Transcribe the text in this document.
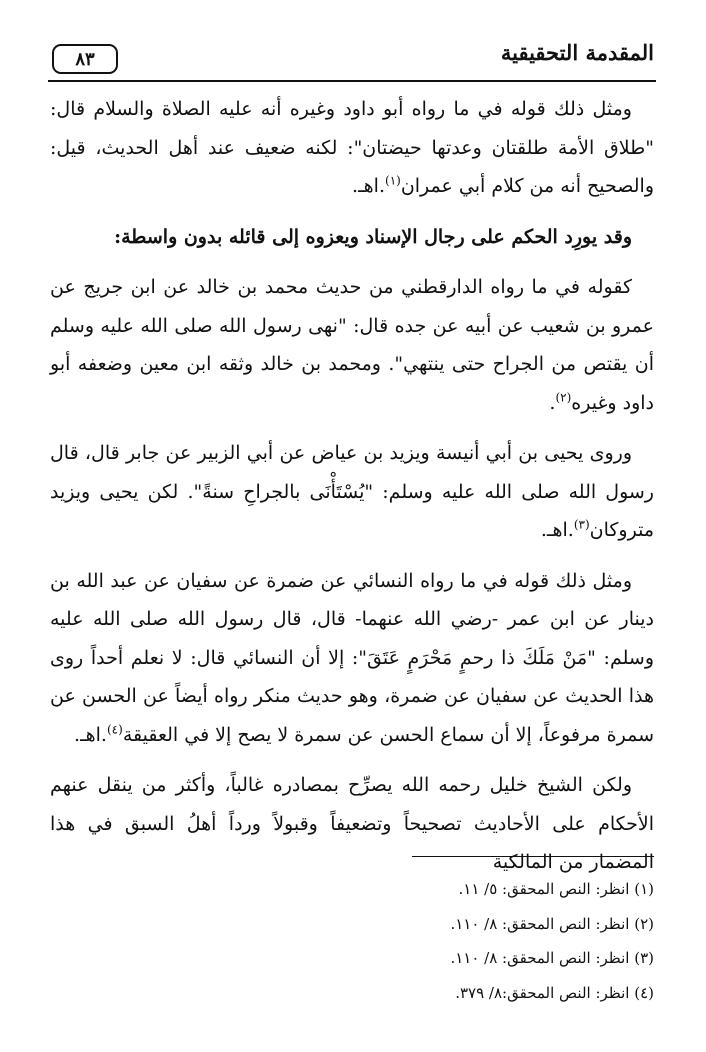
المقدمة التحقيقية
٨٣

ومثل ذلك قوله في ما رواه أبو داود وغيره أنه عليه الصلاة والسلام قال: "طلاق الأمة طلقتان وعدتها حيضتان": لكنه ضعيف عند أهل الحديث، قيل: والصحيح أنه من كلام أبي عمران$^{(١)}$.اهـ.

وقد يورِد الحكم على رجال الإسناد ويعزوه إلى قائله بدون واسطة:

كقوله في ما رواه الدارقطني من حديث محمد بن خالد عن ابن جريج عن عمرو بن شعيب عن أبيه عن جده قال: "نهى رسول الله صلى الله عليه وسلم أن يقتص من الجراح حتى ينتهي". ومحمد بن خالد وثقه ابن معين وضعفه أبو داود وغيره$^{(٢)}$.

وروى يحيى بن أبي أنيسة ويزيد بن عياض عن أبي الزبير عن جابر قال، قال رسول الله صلى الله عليه وسلم: "يُسْتَأْنَى بالجراحِ سنةً". لكن يحيى ويزيد متروكان$^{(٣)}$.اهـ.

ومثل ذلك قوله في ما رواه النسائي عن ضمرة عن سفيان عن عبد الله بن دينار عن ابن عمر -رضي الله عنهما- قال، قال رسول الله صلى الله عليه وسلم: "مَنْ مَلَكَ ذا رحمٍ مَحْرَمٍ عَتَقَ": إلا أن النسائي قال: لا نعلم أحداً روى هذا الحديث عن سفيان عن ضمرة، وهو حديث منكر رواه أيضاً عن الحسن عن سمرة مرفوعاً، إلا أن سماع الحسن عن سمرة لا يصح إلا في العقيقة$^{(٤)}$.اهـ.

ولكن الشيخ خليل رحمه الله يصرِّح بمصادره غالباً، وأكثر من ينقل عنهم الأحكام على الأحاديث تصحيحاً وتضعيفاً وقبولاً ورداً أهلُ السبق في هذا المضمار من المالكية

(١) انظر: النص المحقق: ٥/ ١١.

(٢) انظر: النص المحقق: ٨/ ١١٠.

(٣) انظر: النص المحقق: ٨/ ١١٠.

(٤) انظر: النص المحقق:٨/ ٣٧٩.
